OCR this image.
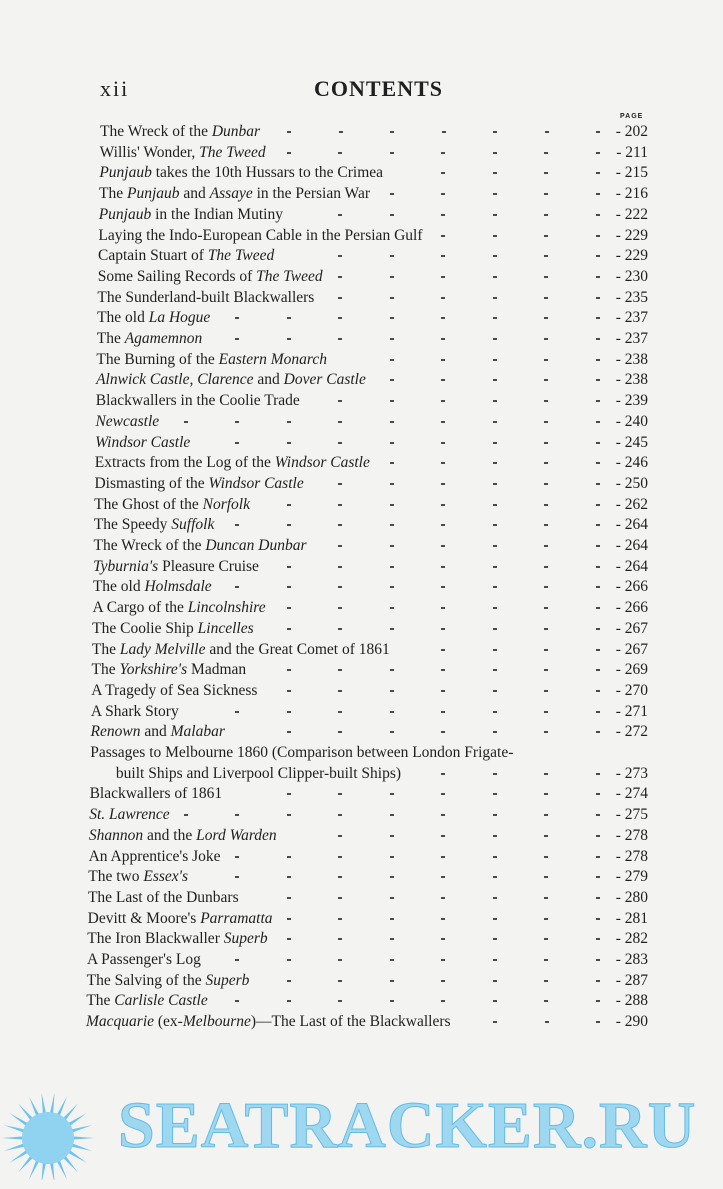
xii	CONTENTS
PAGE
The Wreck of the Dunbar	- 202
Willis' Wonder, The Tweed	- 211
Punjaub takes the 10th Hussars to the Crimea	- 215
The Punjaub and Assaye in the Persian War	- 216
Punjaub in the Indian Mutiny	- 222
Laying the Indo-European Cable in the Persian Gulf	- 229
Captain Stuart of The Tweed	- 229
Some Sailing Records of The Tweed	- 230
The Sunderland-built Blackwallers	- 235
The old La Hogue	- 237
The Agamemnon	- 237
The Burning of the Eastern Monarch	- 238
Alnwick Castle, Clarence and Dover Castle	- 238
Blackwallers in the Coolie Trade	- 239
Newcastle	- 240
Windsor Castle	- 245
Extracts from the Log of the Windsor Castle	- 246
Dismasting of the Windsor Castle	- 250
The Ghost of the Norfolk	- 262
The Speedy Suffolk	- 264
The Wreck of the Duncan Dunbar	- 264
Tyburnia's Pleasure Cruise	- 264
The old Holmsdale	- 266
A Cargo of the Lincolnshire	- 266
The Coolie Ship Lincelles	- 267
The Lady Melville and the Great Comet of 1861	- 267
The Yorkshire's Madman	- 269
A Tragedy of Sea Sickness	- 270
A Shark Story	- 271
Renown and Malabar	- 272
Passages to Melbourne 1860 (Comparison between London Frigate-
built Ships and Liverpool Clipper-built Ships)	- 273
Blackwallers of 1861	- 274
St. Lawrence	- 275
Shannon and the Lord Warden	- 278
An Apprentice's Joke	- 278
The two Essex's	- 279
The Last of the Dunbars	- 280
Devitt & Moore's Parramatta	- 281
The Iron Blackwaller Superb	- 282
A Passenger's Log	- 283
The Salving of the Superb	- 287
The Carlisle Castle	- 288
Macquarie (ex-Melbourne)—The Last of the Blackwallers	- 290
SEATRACKER.RU
